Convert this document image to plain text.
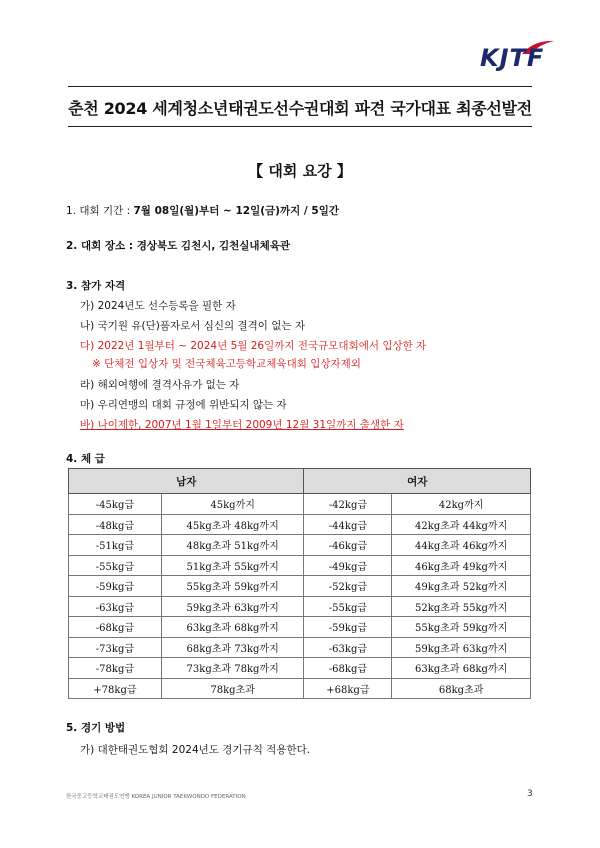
KJTF
춘천 2024 세계청소년태권도선수권대회 파견 국가대표 최종선발전
【 대회 요강 】
1. 대회 기간 : 7월 08일(월)부터 ~ 12일(금)까지 / 5일간
2. 대회 장소 : 경상북도 김천시, 김천실내체육관
3. 참가 자격
가) 2024년도 선수등록을 필한 자
나) 국기원 유(단)품자로서 심신의 결격이 없는 자
다) 2022년 1월부터 ~ 2024년 5월 26일까지 전국규모대회에서 입상한 자
※ 단체전 입상자 및 전국체육고등학교체육대회 입상자제외
라) 해외여행에 결격사유가 없는 자
마) 우리연맹의 대회 규정에 위반되지 않는 자
바) 나이제한, 2007년 1월 1일부터 2009년 12월 31일까지 출생한 자
4. 체 급
남자		여자	
-45kg급	45kg까지	-42kg급	42kg까지
-48kg급	45kg초과 48kg까지	-44kg급	42kg초과 44kg까지
-51kg급	48kg초과 51kg까지	-46kg급	44kg초과 46kg까지
-55kg급	51kg초과 55kg까지	-49kg급	46kg초과 49kg까지
-59kg급	55kg초과 59kg까지	-52kg급	49kg초과 52kg까지
-63kg급	59kg초과 63kg까지	-55kg급	52kg초과 55kg까지
-68kg급	63kg초과 68kg까지	-59kg급	55kg초과 59kg까지
-73kg급	68kg초과 73kg까지	-63kg급	59kg초과 63kg까지
-78kg급	73kg초과 78kg까지	-68kg급	63kg초과 68kg까지
+78kg급	78kg초과	+68kg급	68kg초과
5. 경기 방법
가) 대한태권도협회 2024년도 경기규칙 적용한다.
한국중고등학교태권도연맹 KOREA JUNIOR TAEKWONDO FEDERATION	3
